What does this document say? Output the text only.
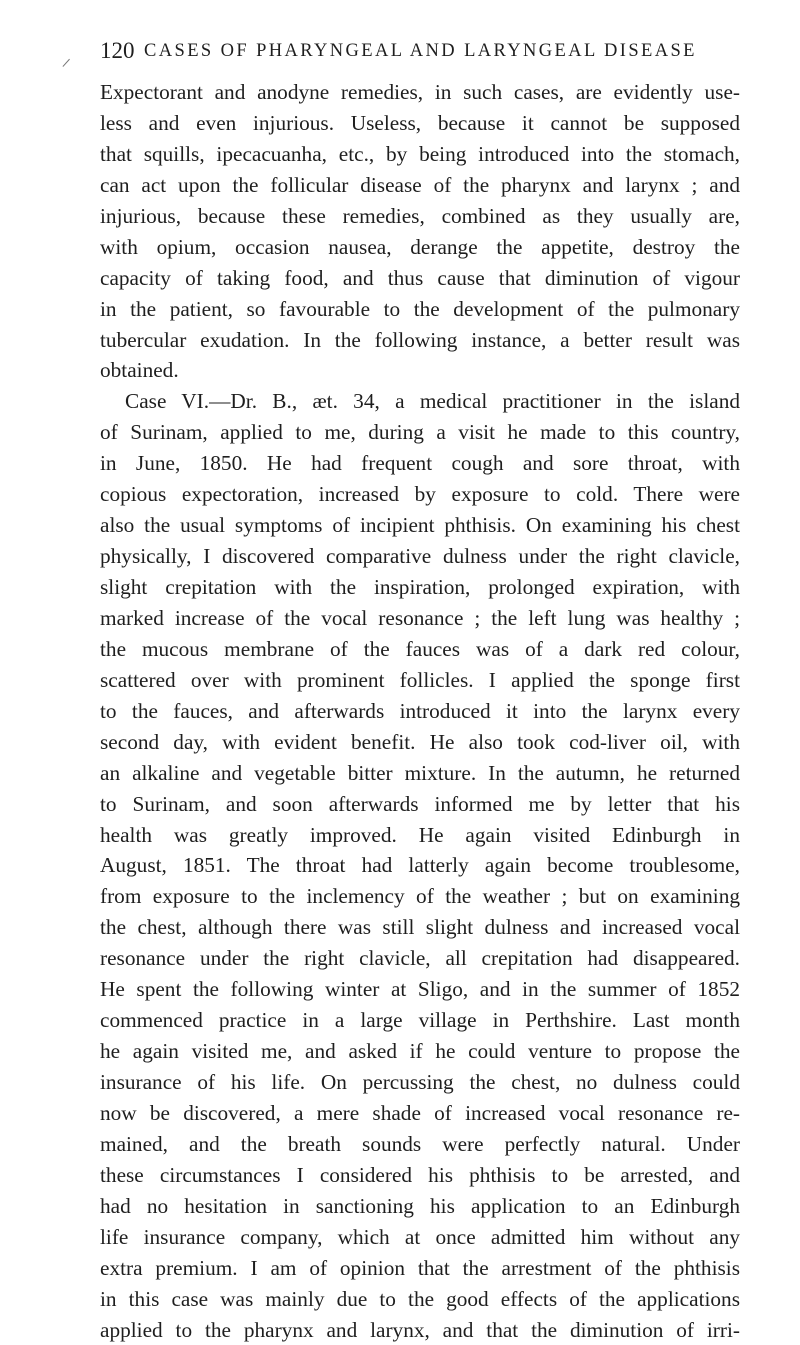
120 CASES OF PHARYNGEAL AND LARYNGEAL DISEASE
Expectorant and anodyne remedies, in such cases, are evidently use-
less and even injurious. Useless, because it cannot be supposed
that squills, ipecacuanha, etc., by being introduced into the stomach,
can act upon the follicular disease of the pharynx and larynx ; and
injurious, because these remedies, combined as they usually are,
with opium, occasion nausea, derange the appetite, destroy the
capacity of taking food, and thus cause that diminution of vigour
in the patient, so favourable to the development of the pulmonary
tubercular exudation. In the following instance, a better result was
obtained.
Case VI.—Dr. B., æt. 34, a medical practitioner in the island
of Surinam, applied to me, during a visit he made to this country,
in June, 1850. He had frequent cough and sore throat, with
copious expectoration, increased by exposure to cold. There were
also the usual symptoms of incipient phthisis. On examining his chest
physically, I discovered comparative dulness under the right clavicle,
slight crepitation with the inspiration, prolonged expiration, with
marked increase of the vocal resonance ; the left lung was healthy ;
the mucous membrane of the fauces was of a dark red colour,
scattered over with prominent follicles. I applied the sponge first
to the fauces, and afterwards introduced it into the larynx every
second day, with evident benefit. He also took cod-liver oil, with
an alkaline and vegetable bitter mixture. In the autumn, he returned
to Surinam, and soon afterwards informed me by letter that his
health was greatly improved. He again visited Edinburgh in
August, 1851. The throat had latterly again become troublesome,
from exposure to the inclemency of the weather ; but on examining
the chest, although there was still slight dulness and increased vocal
resonance under the right clavicle, all crepitation had disappeared.
He spent the following winter at Sligo, and in the summer of 1852
commenced practice in a large village in Perthshire. Last month
he again visited me, and asked if he could venture to propose the
insurance of his life. On percussing the chest, no dulness could
now be discovered, a mere shade of increased vocal resonance re-
mained, and the breath sounds were perfectly natural. Under
these circumstances I considered his phthisis to be arrested, and
had no hesitation in sanctioning his application to an Edinburgh
life insurance company, which at once admitted him without any
extra premium. I am of opinion that the arrestment of the phthisis
in this case was mainly due to the good effects of the applications
applied to the pharynx and larynx, and that the diminution of irri-
